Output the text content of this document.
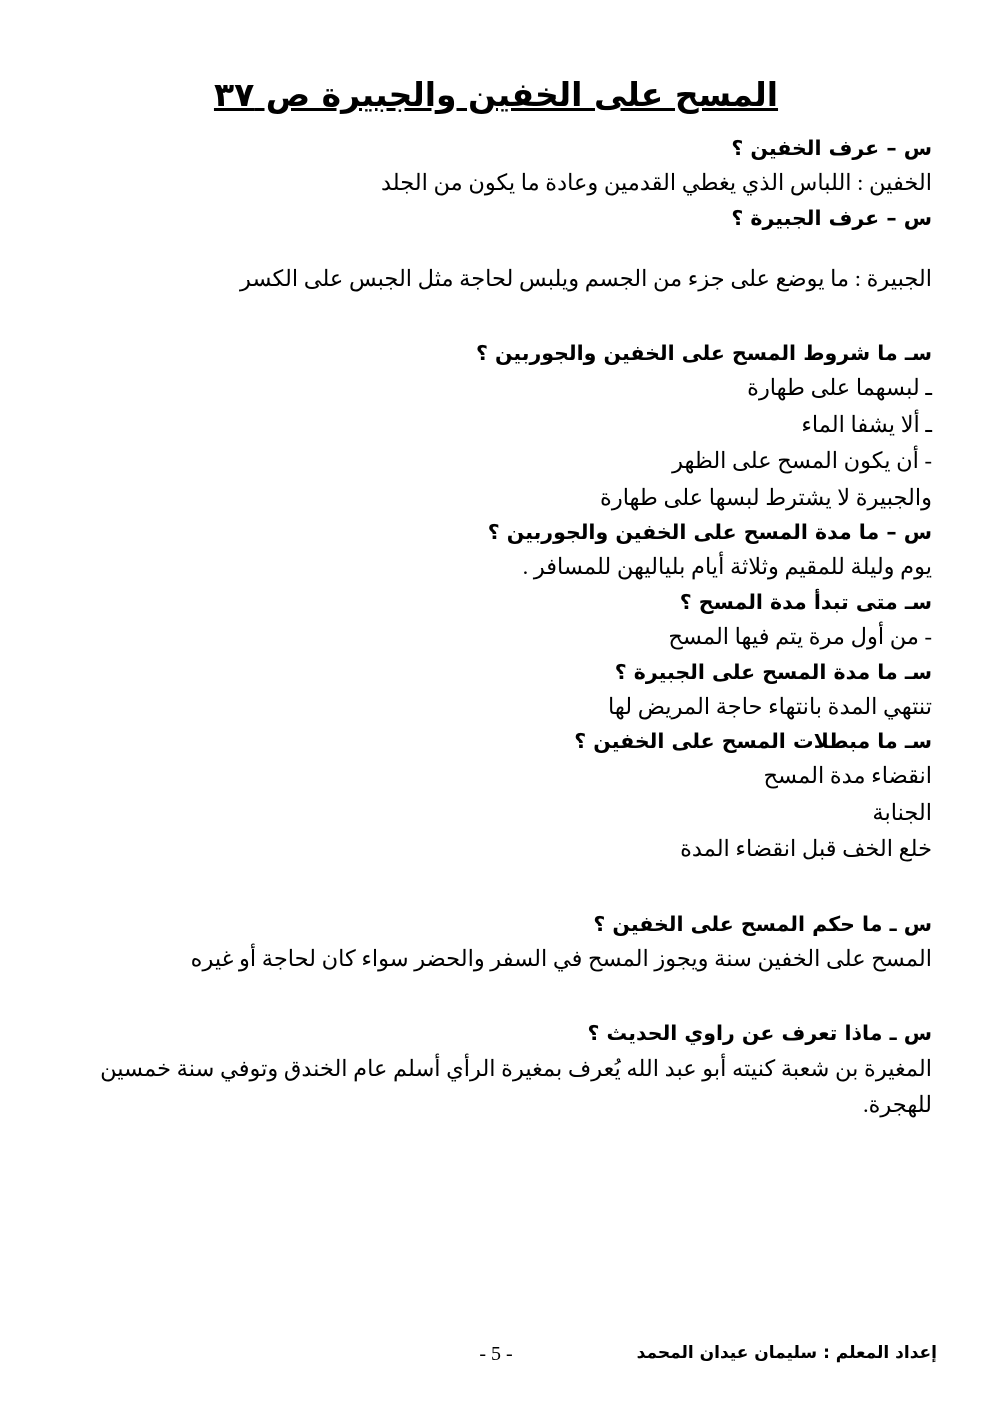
المسح على الخفين والجبيرة ص ٣٧
س – عرف الخفين ؟
الخفين : اللباس الذي يغطي القدمين وعادة ما يكون من الجلد
س – عرف الجبيرة ؟
الجبيرة : ما يوضع على جزء من الجسم ويلبس لحاجة مثل الجبس على الكسر
سـ ما شروط المسح على الخفين والجوربين ؟
ـ لبسهما على طهارة
ـ ألا يشفا الماء
- أن يكون المسح على الظهر
والجبيرة لا يشترط لبسها على طهارة
س – ما مدة المسح على الخفين والجوربين ؟
يوم وليلة للمقيم وثلاثة أيام بلياليهن للمسافر .
سـ متى تبدأ مدة المسح ؟
- من أول مرة يتم فيها المسح
سـ ما مدة المسح على الجبيرة ؟
تنتهي المدة بانتهاء حاجة المريض لها
سـ ما مبطلات المسح على الخفين ؟
انقضاء مدة المسح
الجنابة
خلع الخف قبل انقضاء المدة
س ـ ما حكم المسح على الخفين ؟
المسح على الخفين سنة ويجوز المسح في السفر والحضر سواء كان لحاجة أو غيره
س ـ ماذا تعرف عن راوي الحديث ؟
المغيرة بن شعبة كنيته أبو عبد الله يُعرف بمغيرة الرأي أسلم عام الخندق وتوفي سنة خمسين
للهجرة.
إعداد المعلم : سليمان عيدان المحمد
- 5 -
